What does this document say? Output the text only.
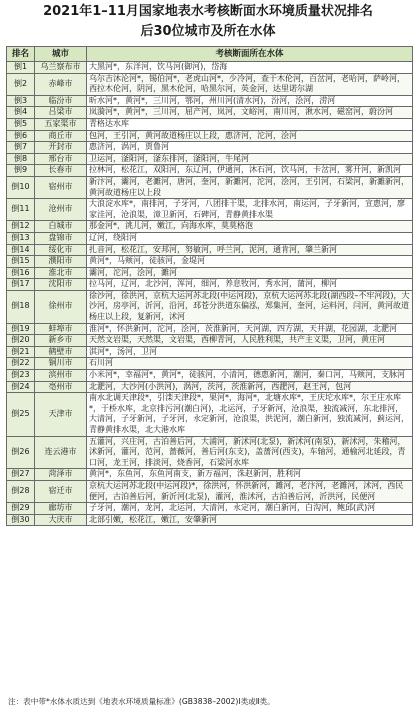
2021年1–11月国家地表水考核断面水环境质量状况排名
后30位城市及所在水体
排名	城市	考核断面所在水体
倒1	乌兰察布市	大黑河*，东洋河，饮马河(御河)，岱海
倒2	赤峰市	乌尔吉沐沦河*，锡伯河*，老虎山河*，少冷河，查干木伦河，百岔河，老哈河，萨岭河，西拉木伦河，阴河，黑木伦河，哈黑尔河，英金河，达里诺尔湖
倒3	临汾市	昕水河*，黄河*，三川河，鄂河，州川河(清水河)，汾河，浍河，涝河
倒4	吕梁市	岚漪河*，黄河*，三川河，屈产河，岚河，文峪河，南川河，湫水河，磁窑河，蔚汾河
倒5	五家渠市	青格达水库
倒6	商丘市	包河，王引河，黄河故道杨庄以上段，惠济河，沱河，浍河
倒7	开封市	惠济河，涡河，贾鲁河
倒8	邢台市	卫运河，滏阳河，滏东排河，滏阳河，牛尾河
倒9	长春市	拉林河，松花江，双阳河，东辽河，伊通河，沐石河，饮马河，卡岔河，雾开河，新凯河
倒10	宿州市	新汴河，灞河，老濉河，唐河，奎河，新濉河，沱河，浍河，王引河，石梁河，新濉新河，黄河故道杨庄以上段
倒11	沧州市	大浪淀水库*，南排河，子牙河，八团排干渠，北排水河，南运河，子牙新河，宣惠河，廖家洼河，沧浪渠，漳卫新河，石碑河，青静黄排水渠
倒12	白城市	那金河*，洮儿河，嫩江，向海水库，莫莫格泡
倒13	盘锦市	辽河，绕阳河
倒14	绥化市	扎音河，松花江，安邦河，努敏河，呼兰河，泥河，通肯河，肇兰新河
倒15	濮阳市	黄河*，马颊河，徒骇河，金堤河
倒16	淮北市	灞河，沱河，浍河，濉河
倒17	沈阳市	拉马河，辽河，北沙河，浑河，细河，养息牧河，秀水河，蒲河，柳河
倒18	徐州市	徐沙河，徐洪河，京杭大运河苏北段(中运河段)，京杭大运河苏北段(湖西段–不牢河段)，大沙河，房亭河，沂河，沿河，邳苍分洪道东偏泓，郑集河，奎河，运料河，闫河，黄河故道杨庄以上段，复新河，沭河
倒19	蚌埠市	淮河*，怀洪新河，沱河，浍河，茨淮新河，天河湖，四方湖，天井湖，花园湖，北淝河
倒20	新乡市	天然文岩渠，天然渠，文岩渠，西柳青河，人民胜利渠，共产主义渠，卫河，黄庄河
倒21	鹤壁市	淇河*，汤河，卫河
倒22	铜川市	石川河
倒23	滨州市	小米河*，幸福河*，黄河*，徒骇河，小清河，德惠新河，潮河，秦口河，马颊河，支脉河
倒24	亳州市	北淝河，大沙河(小洪河)，涡河，茨河，茨淮新河，西淝河，赵王河，包河
倒25	天津市	南水北调天津段*，引滦天津段*，果河*，海河*，北塘水库*，王庆坨水库*，尔王庄水库*，于桥水库，北京排污河(潮白河)，北运河，子牙新河，沧浪渠，独流减河，东北排河，大清河，子牙新河，子牙河，永定新河，沧浪渠，洪泥河，潮白新河，独流减河，蓟运河，青静黄排水渠，北大港水库
倒26	连云港市	五灌河，兴庄河，古泊善后河，大浦河，新沭河(北泵)，新沭河(南泵)，新沭河，朱稽河，沭新河，灌河，范河，蔷薇河，善后河(东支)，盖蔷河(西支)，车轴河，通榆河北延段，青口河，龙王河，排淡河，烧香河，石梁河水库
倒27	菏泽市	黄河*，东鱼河，东鱼河南支，新万福河，洙赵新河，胜利河
倒28	宿迁市	京杭大运河苏北段(中运河段)*，徐洪河，怀洪新河，濉河，老汴河，老濉河，沭河，西民便河，古泊善后河，新沂河(北泵)，灌河，淮沭河，古泊善后河，沂洪河，民便河
倒29	廊坊市	子牙河，潮河，龙河，北运河，大清河，永定河，潮白新河，白沟河，鲍邱(武)河
倒30	大庆市	北部引嫩，松花江，嫩江，安肇新河
注：表中带*水体水质达到《地表水环境质量标准》(GB3838–2002)Ⅰ类或Ⅱ类。
